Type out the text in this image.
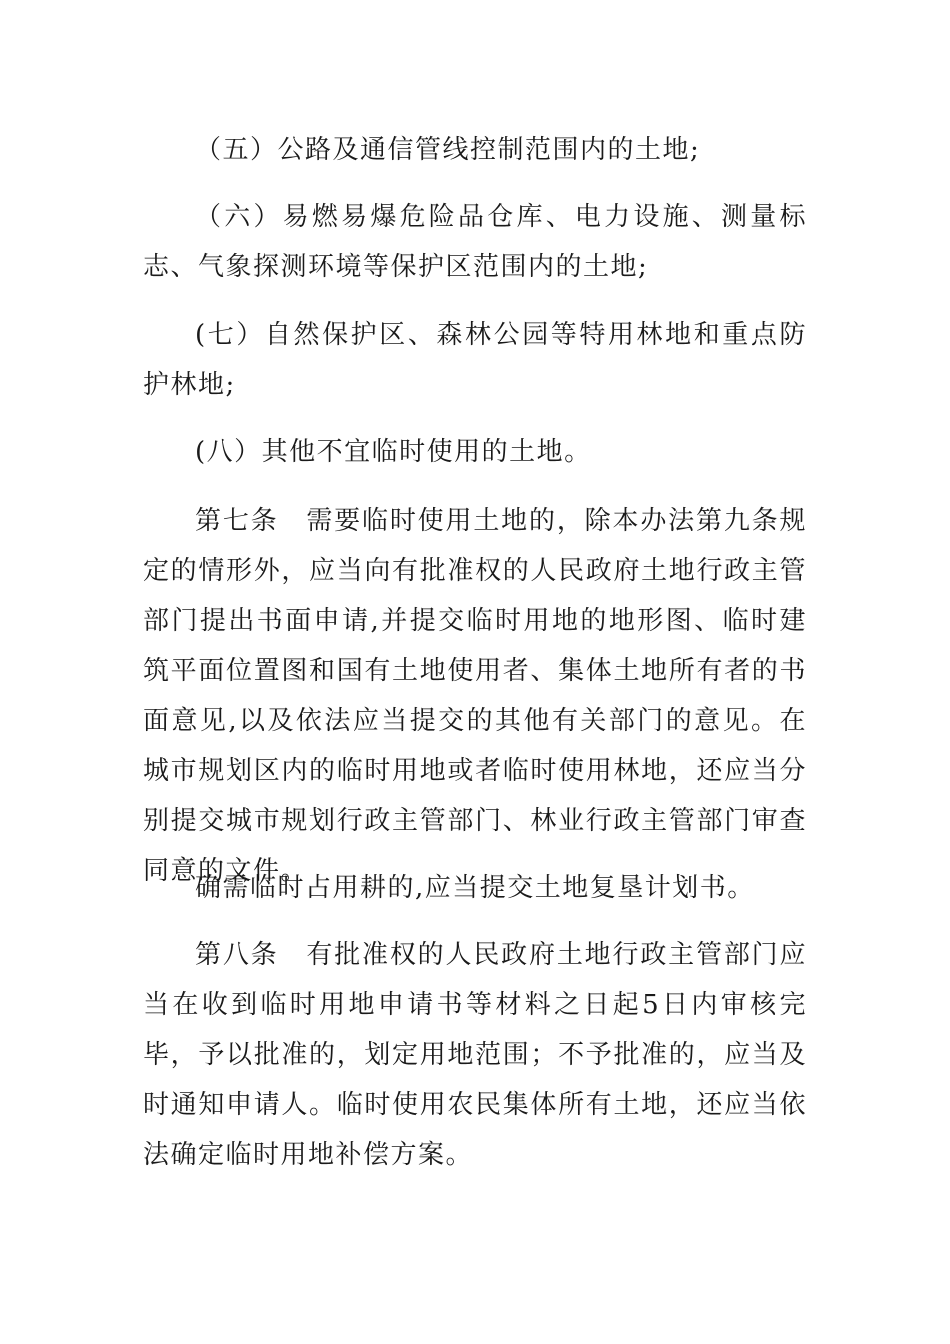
（五）公路及通信管线控制范围内的土地;

（六）易燃易爆危险品仓库、电力设施、测量标志、气象探测环境等保护区范围内的土地;

(七）自然保护区、森林公园等特用林地和重点防护林地;

(八）其他不宜临时使用的土地。

第七条　需要临时使用土地的，除本办法第九条规定的情形外，应当向有批准权的人民政府土地行政主管部门提出书面申请,并提交临时用地的地形图、临时建筑平面位置图和国有土地使用者、集体土地所有者的书面意见,以及依法应当提交的其他有关部门的意见。在城市规划区内的临时用地或者临时使用林地，还应当分别提交城市规划行政主管部门、林业行政主管部门审查同意的文件。

确需临时占用耕的,应当提交土地复垦计划书。

第八条　有批准权的人民政府土地行政主管部门应当在收到临时用地申请书等材料之日起5日内审核完毕，予以批准的，划定用地范围；不予批准的，应当及时通知申请人。临时使用农民集体所有土地，还应当依法确定临时用地补偿方案。
